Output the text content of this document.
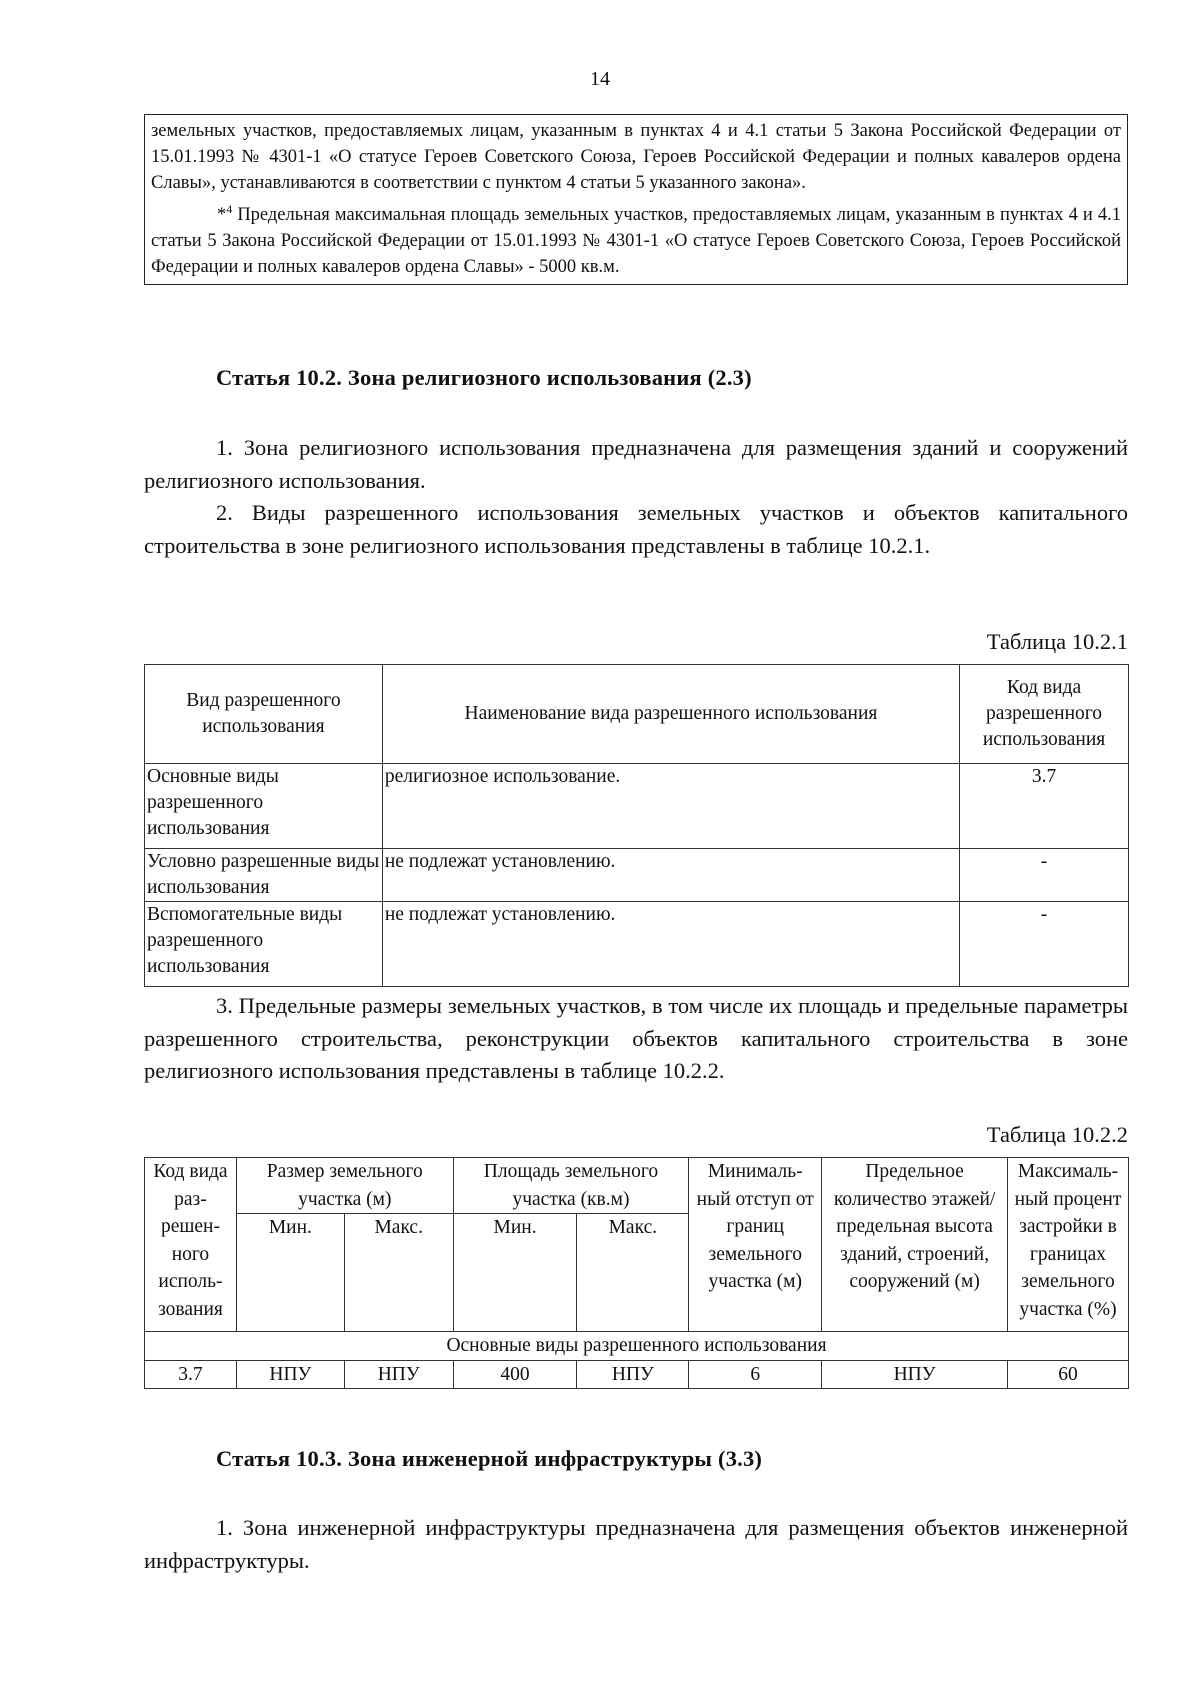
14

земельных участков, предоставляемых лицам, указанным в пунктах 4 и 4.1 статьи 5 Закона Российской Федерации от 15.01.1993 № 4301-1 «О статусе Героев Советского Союза, Героев Российской Федерации и полных кавалеров ордена Славы», устанавливаются в соответствии с пунктом 4 статьи 5 указанного закона».

*$^4$ Предельная максимальная площадь земельных участков, предоставляемых лицам, указанным в пунктах 4 и 4.1 статьи 5 Закона Российской Федерации от 15.01.1993 № 4301-1 «О статусе Героев Советского Союза, Героев Российской Федерации и полных кавалеров ордена Славы» - 5000 кв.м.

Статья 10.2. Зона религиозного использования (2.3)

1. Зона религиозного использования предназначена для размещения зданий и сооружений религиозного использования.

2. Виды разрешенного использования земельных участков и объектов капитального строительства в зоне религиозного использования представлены в таблице 10.2.1.

Таблица 10.2.1
Вид разрешенного использования	Наименование вида разрешенного использования	Код вида разрешенного использования
Основные виды разрешенного использования	религиозное использование.	3.7
Условно разрешенные виды использования	не подлежат установлению.	-
Вспомогательные виды разрешенного использования	не подлежат установлению.	-

3. Предельные размеры земельных участков, в том числе их площадь и предельные параметры разрешенного строительства, реконструкции объектов капитального строительства в зоне религиозного использования представлены в таблице 10.2.2.

Таблица 10.2.2
Код вида раз-решен-ного исполь-зования	Размер земельного участка (м)		Площадь земельного участка (кв.м)		Минималь-ный отступ от границ земельного участка (м)	Предельное количество этажей/ предельная высота зданий, строений, сооружений (м)	Максималь-ный процент застройки в границах земельного участка (%)
	Мин.	Макс.	Мин.	Макс.			
Основные виды разрешенного использования							
3.7	НПУ	НПУ	400	НПУ	6	НПУ	60
Статья 10.3. Зона инженерной инфраструктуры (3.3)

1. Зона инженерной инфраструктуры предназначена для размещения объектов инженерной инфраструктуры.
